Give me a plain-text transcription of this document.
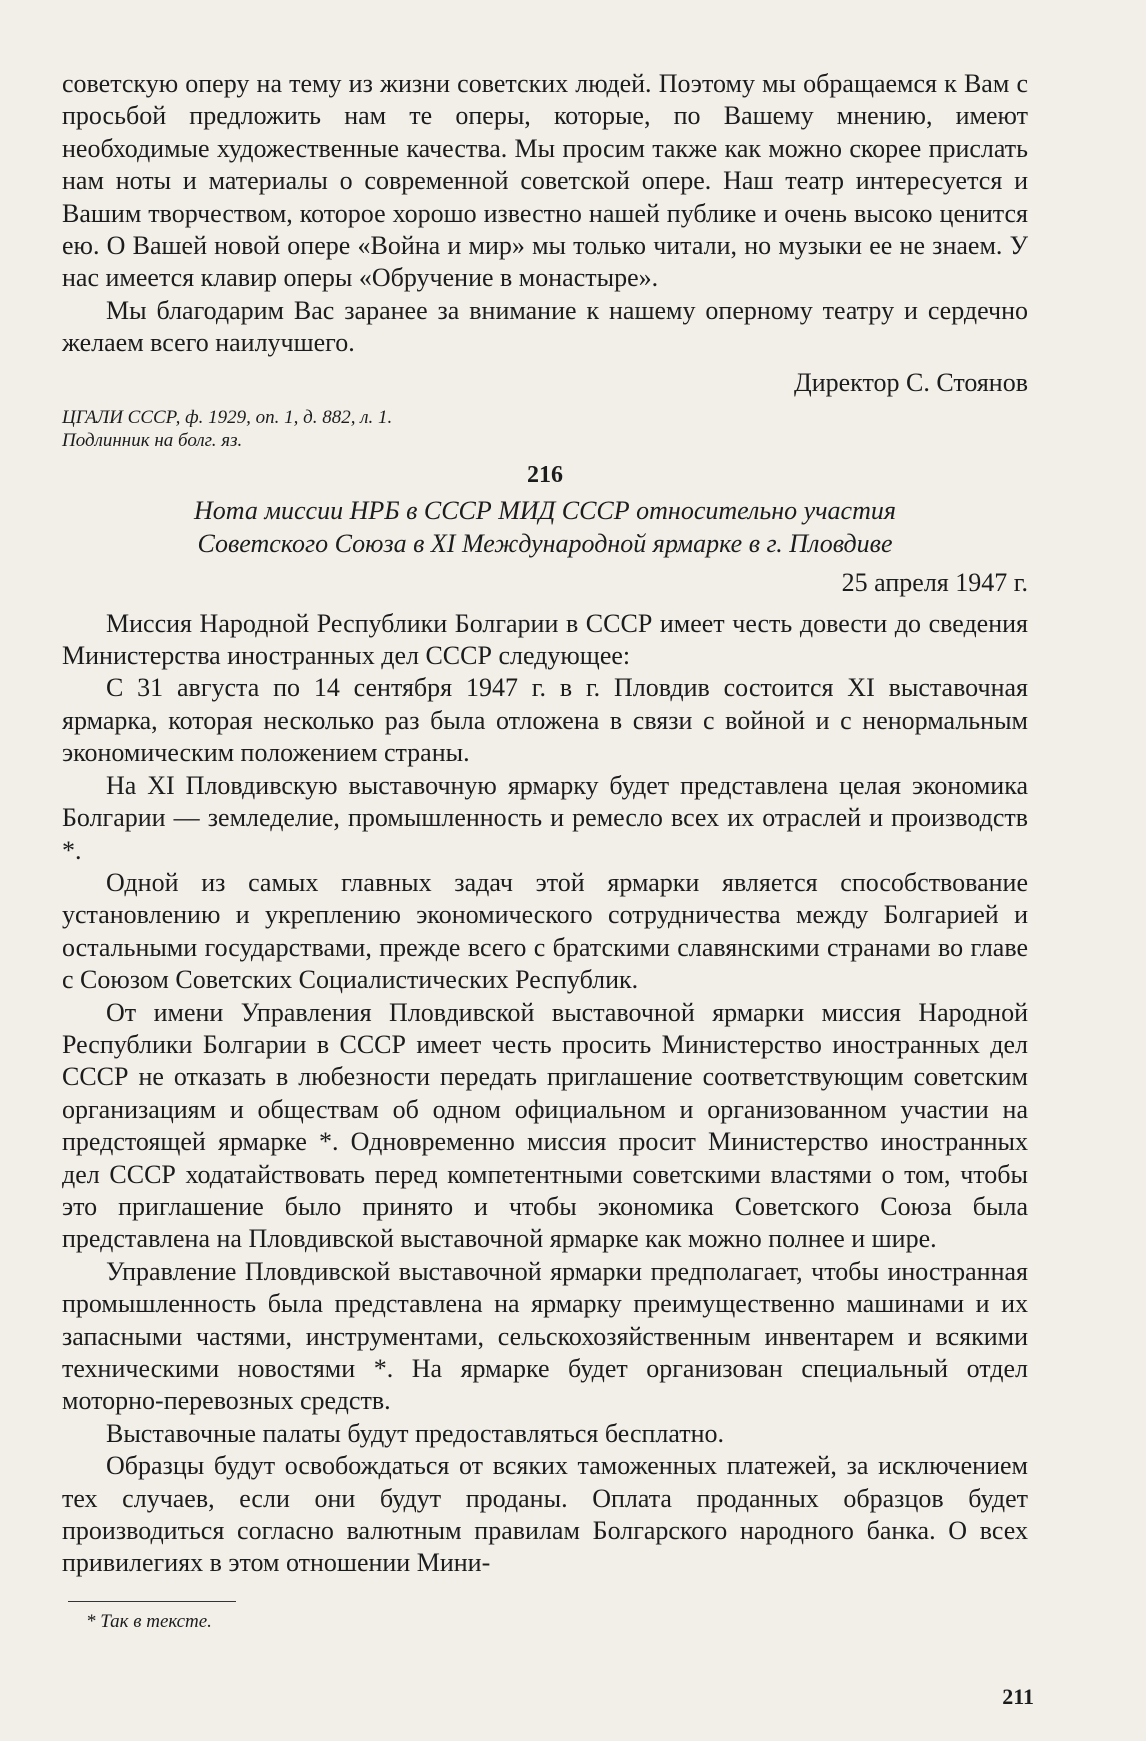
советскую оперу на тему из жизни советских людей. Поэтому мы обращаемся к Вам с просьбой предложить нам те оперы, которые, по Вашему мнению, имеют необходимые художественные качества. Мы просим также как можно скорее прислать нам ноты и материалы о современной советской опере. Наш театр интересуется и Вашим творчеством, которое хорошо известно нашей публике и очень высоко ценится ею. О Вашей новой опере «Война и мир» мы только читали, но музыки ее не знаем. У нас имеется клавир оперы «Обручение в монастыре».

Мы благодарим Вас заранее за внимание к нашему оперному театру и сердечно желаем всего наилучшего.

Директор С. Стоянов
ЦГАЛИ СССР, ф. 1929, оп. 1, д. 882, л. 1.
Подлинник на болг. яз.
216
Нота миссии НРБ в СССР МИД СССР относительно участия
Советского Союза в XI Международной ярмарке в г. Пловдиве
25 апреля 1947 г.

Миссия Народной Республики Болгарии в СССР имеет честь довести до сведения Министерства иностранных дел СССР следующее:

С 31 августа по 14 сентября 1947 г. в г. Пловдив состоится XI выставочная ярмарка, которая несколько раз была отложена в связи с войной и с ненормальным экономическим положением страны.

На XI Пловдивскую выставочную ярмарку будет представлена целая экономика Болгарии — земледелие, промышленность и ремесло всех их отраслей и производств *.

Одной из самых главных задач этой ярмарки является способствование установлению и укреплению экономического сотрудничества между Болгарией и остальными государствами, прежде всего с братскими славянскими странами во главе с Союзом Советских Социалистических Республик.

От имени Управления Пловдивской выставочной ярмарки миссия Народной Республики Болгарии в СССР имеет честь просить Министерство иностранных дел СССР не отказать в любезности передать приглашение соответствующим советским организациям и обществам об одном официальном и организованном участии на предстоящей ярмарке *. Одновременно миссия просит Министерство иностранных дел СССР ходатайствовать перед компетентными советскими властями о том, чтобы это приглашение было принято и чтобы экономика Советского Союза была представлена на Пловдивской выставочной ярмарке как можно полнее и шире.

Управление Пловдивской выставочной ярмарки предполагает, чтобы иностранная промышленность была представлена на ярмарку преимущественно машинами и их запасными частями, инструментами, сельскохозяйственным инвентарем и всякими техническими новостями *. На ярмарке будет организован специальный отдел моторно-перевозных средств.

Выставочные палаты будут предоставляться бесплатно.

Образцы будут освобождаться от всяких таможенных платежей, за исключением тех случаев, если они будут проданы. Оплата проданных образцов будет производиться согласно валютным правилам Болгарского народного банка. О всех привилегиях в этом отношении Мини-

* Так в тексте.
211
